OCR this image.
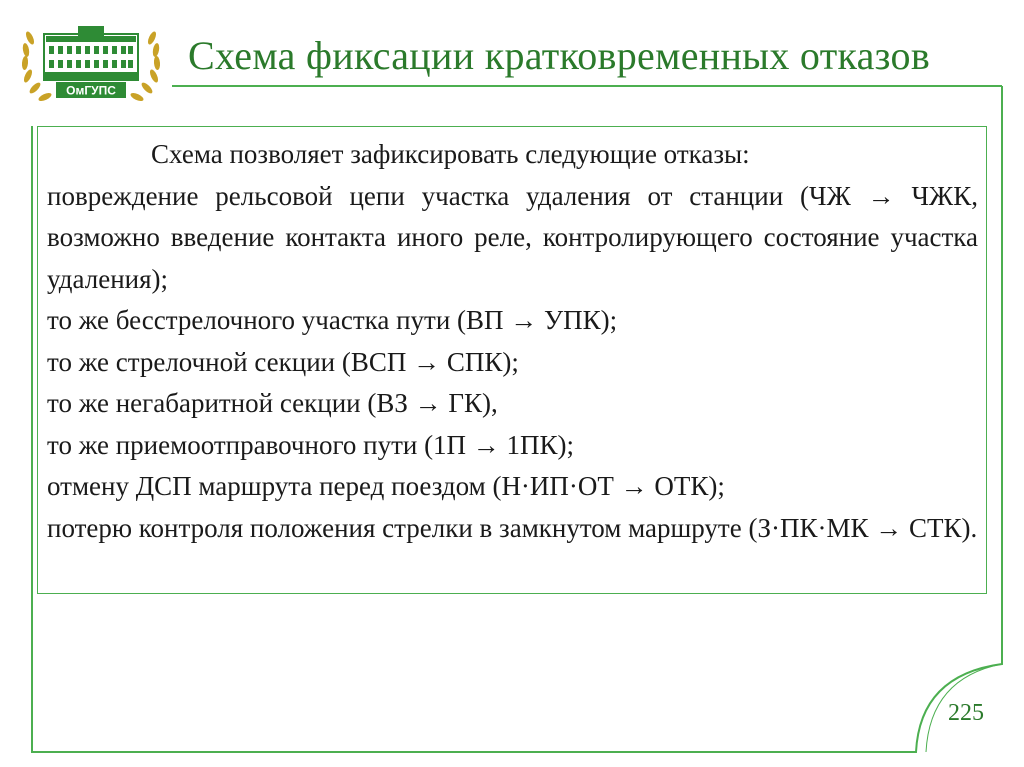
ОмГУПС
Схема фиксации кратковременных отказов

Схема позволяет зафиксировать следующие отказы:

повреждение рельсовой цепи участка удаления от станции (ЧЖ → ЧЖК, возможно введение контакта иного реле, контролирующего состояние участка удаления);

то же бесстрелочного участка пути (ВП → УПК);

то же стрелочной секции (ВСП → СПК);

то же негабаритной секции (ВЗ → ГК),

то же приемоотправочного пути (1П → 1ПК);

отмену ДСП маршрута перед поездом (Н·ИП·ОТ → ОТК);

потерю контроля положения стрелки в замкнутом маршруте (З·ПК·МК → СТК).

225
